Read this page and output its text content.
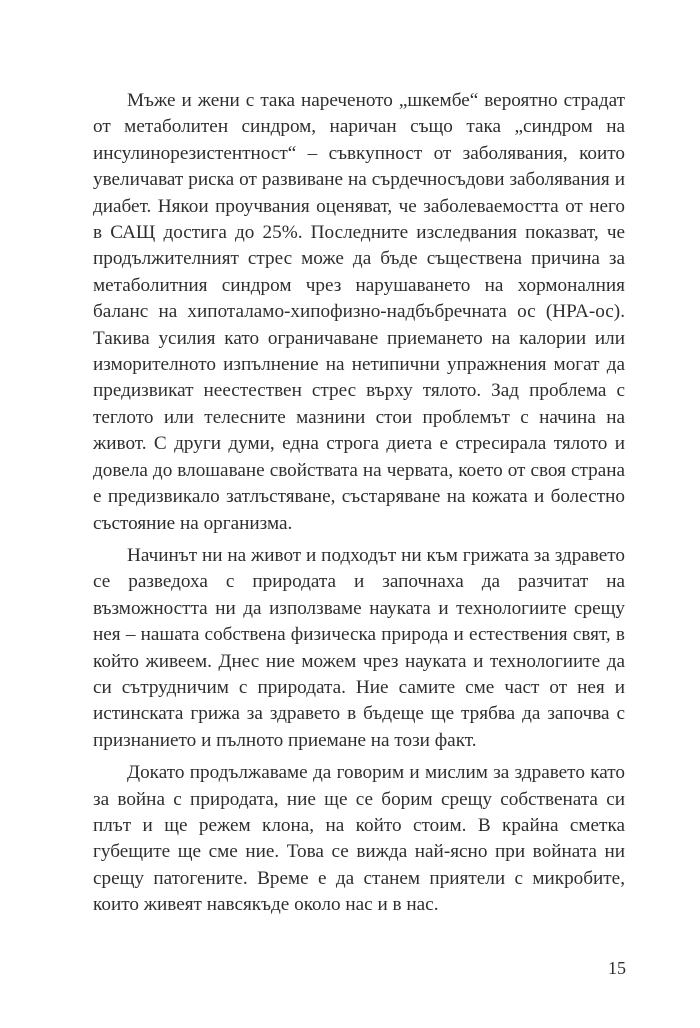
Мъже и жени с така нареченото „шкембе“ вероятно страдат от метаболитен синдром, наричан също така „синдром на инсулинорезистентност“ – съвкупност от заболявания, които увеличават риска от развиване на сърдечносъдови заболявания и диабет. Някои проучвания оценяват, че заболеваемостта от него в САЩ достига до 25%. Последните изследвания показват, че продължителният стрес може да бъде съществена причина за метаболитния синдром чрез нарушаването на хормоналния баланс на хипоталамо-хипофизно-надбъбречната ос (HPA-ос). Такива усилия като ограничаване приемането на калории или изморителното изпълнение на нетипични упражнения могат да предизвикат неестествен стрес върху тялото. Зад проблема с теглото или телесните мазнини стои проблемът с начина на живот. С други думи, една строга диета е стресирала тялото и довела до влошаване свойствата на червата, което от своя страна е предизвикало затлъстяване, състаряване на кожата и болестно състояние на организма.

Начинът ни на живот и подходът ни към грижата за здравето се разведоха с природата и започнаха да разчитат на възможността ни да използваме науката и технологиите срещу нея – нашата собствена физическа природа и естествения свят, в който живеем. Днес ние можем чрез науката и технологиите да си сътрудничим с природата. Ние самите сме част от нея и истинската грижа за здравето в бъдеще ще трябва да започва с признанието и пълното приемане на този факт.

Докато продължаваме да говорим и мислим за здравето като за война с природата, ние ще се борим срещу собствената си плът и ще режем клона, на който стоим. В крайна сметка губещите ще сме ние. Това се вижда най-ясно при войната ни срещу патогените. Време е да станем приятели с микробите, които живеят навсякъде около нас и в нас.

15
